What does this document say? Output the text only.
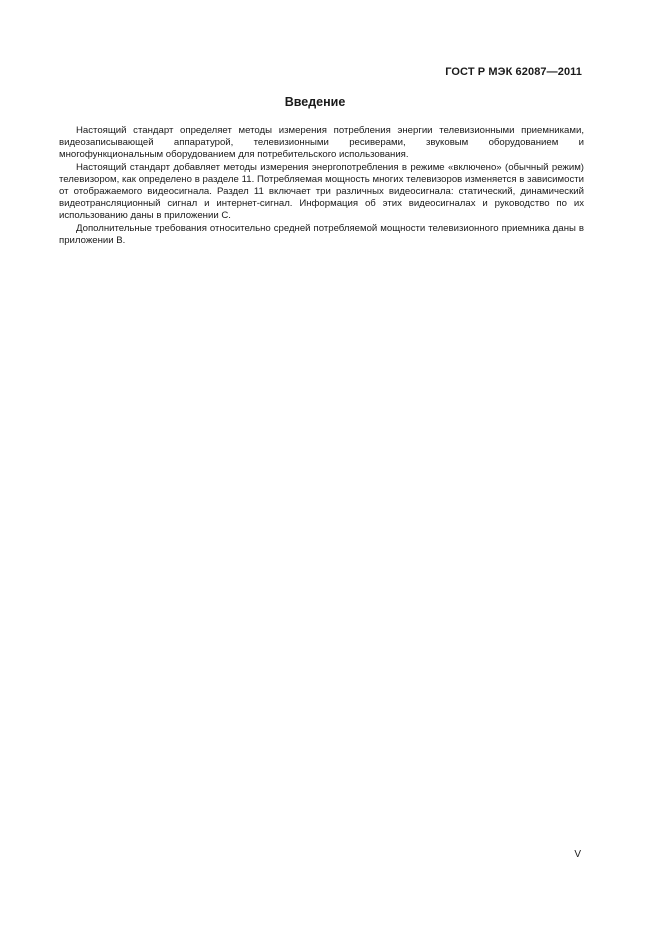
ГОСТ Р МЭК 62087—2011
Введение

Настоящий стандарт определяет методы измерения потребления энергии телевизионными приемниками, видеозаписывающей аппаратурой, телевизионными ресиверами, звуковым оборудованием и многофункциональным оборудованием для потребительского использования.

Настоящий стандарт добавляет методы измерения энергопотребления в режиме «включено» (обычный режим) телевизором, как определено в разделе 11. Потребляемая мощность многих телевизоров изменяется в зависимости от отображаемого видеосигнала. Раздел 11 включает три различных видеосигнала: статический, динамический видеотрансляционный сигнал и интернет-сигнал. Информация об этих видеосигналах и руководство по их использованию даны в приложении С.

Дополнительные требования относительно средней потребляемой мощности телевизионного приемника даны в приложении В.

V
